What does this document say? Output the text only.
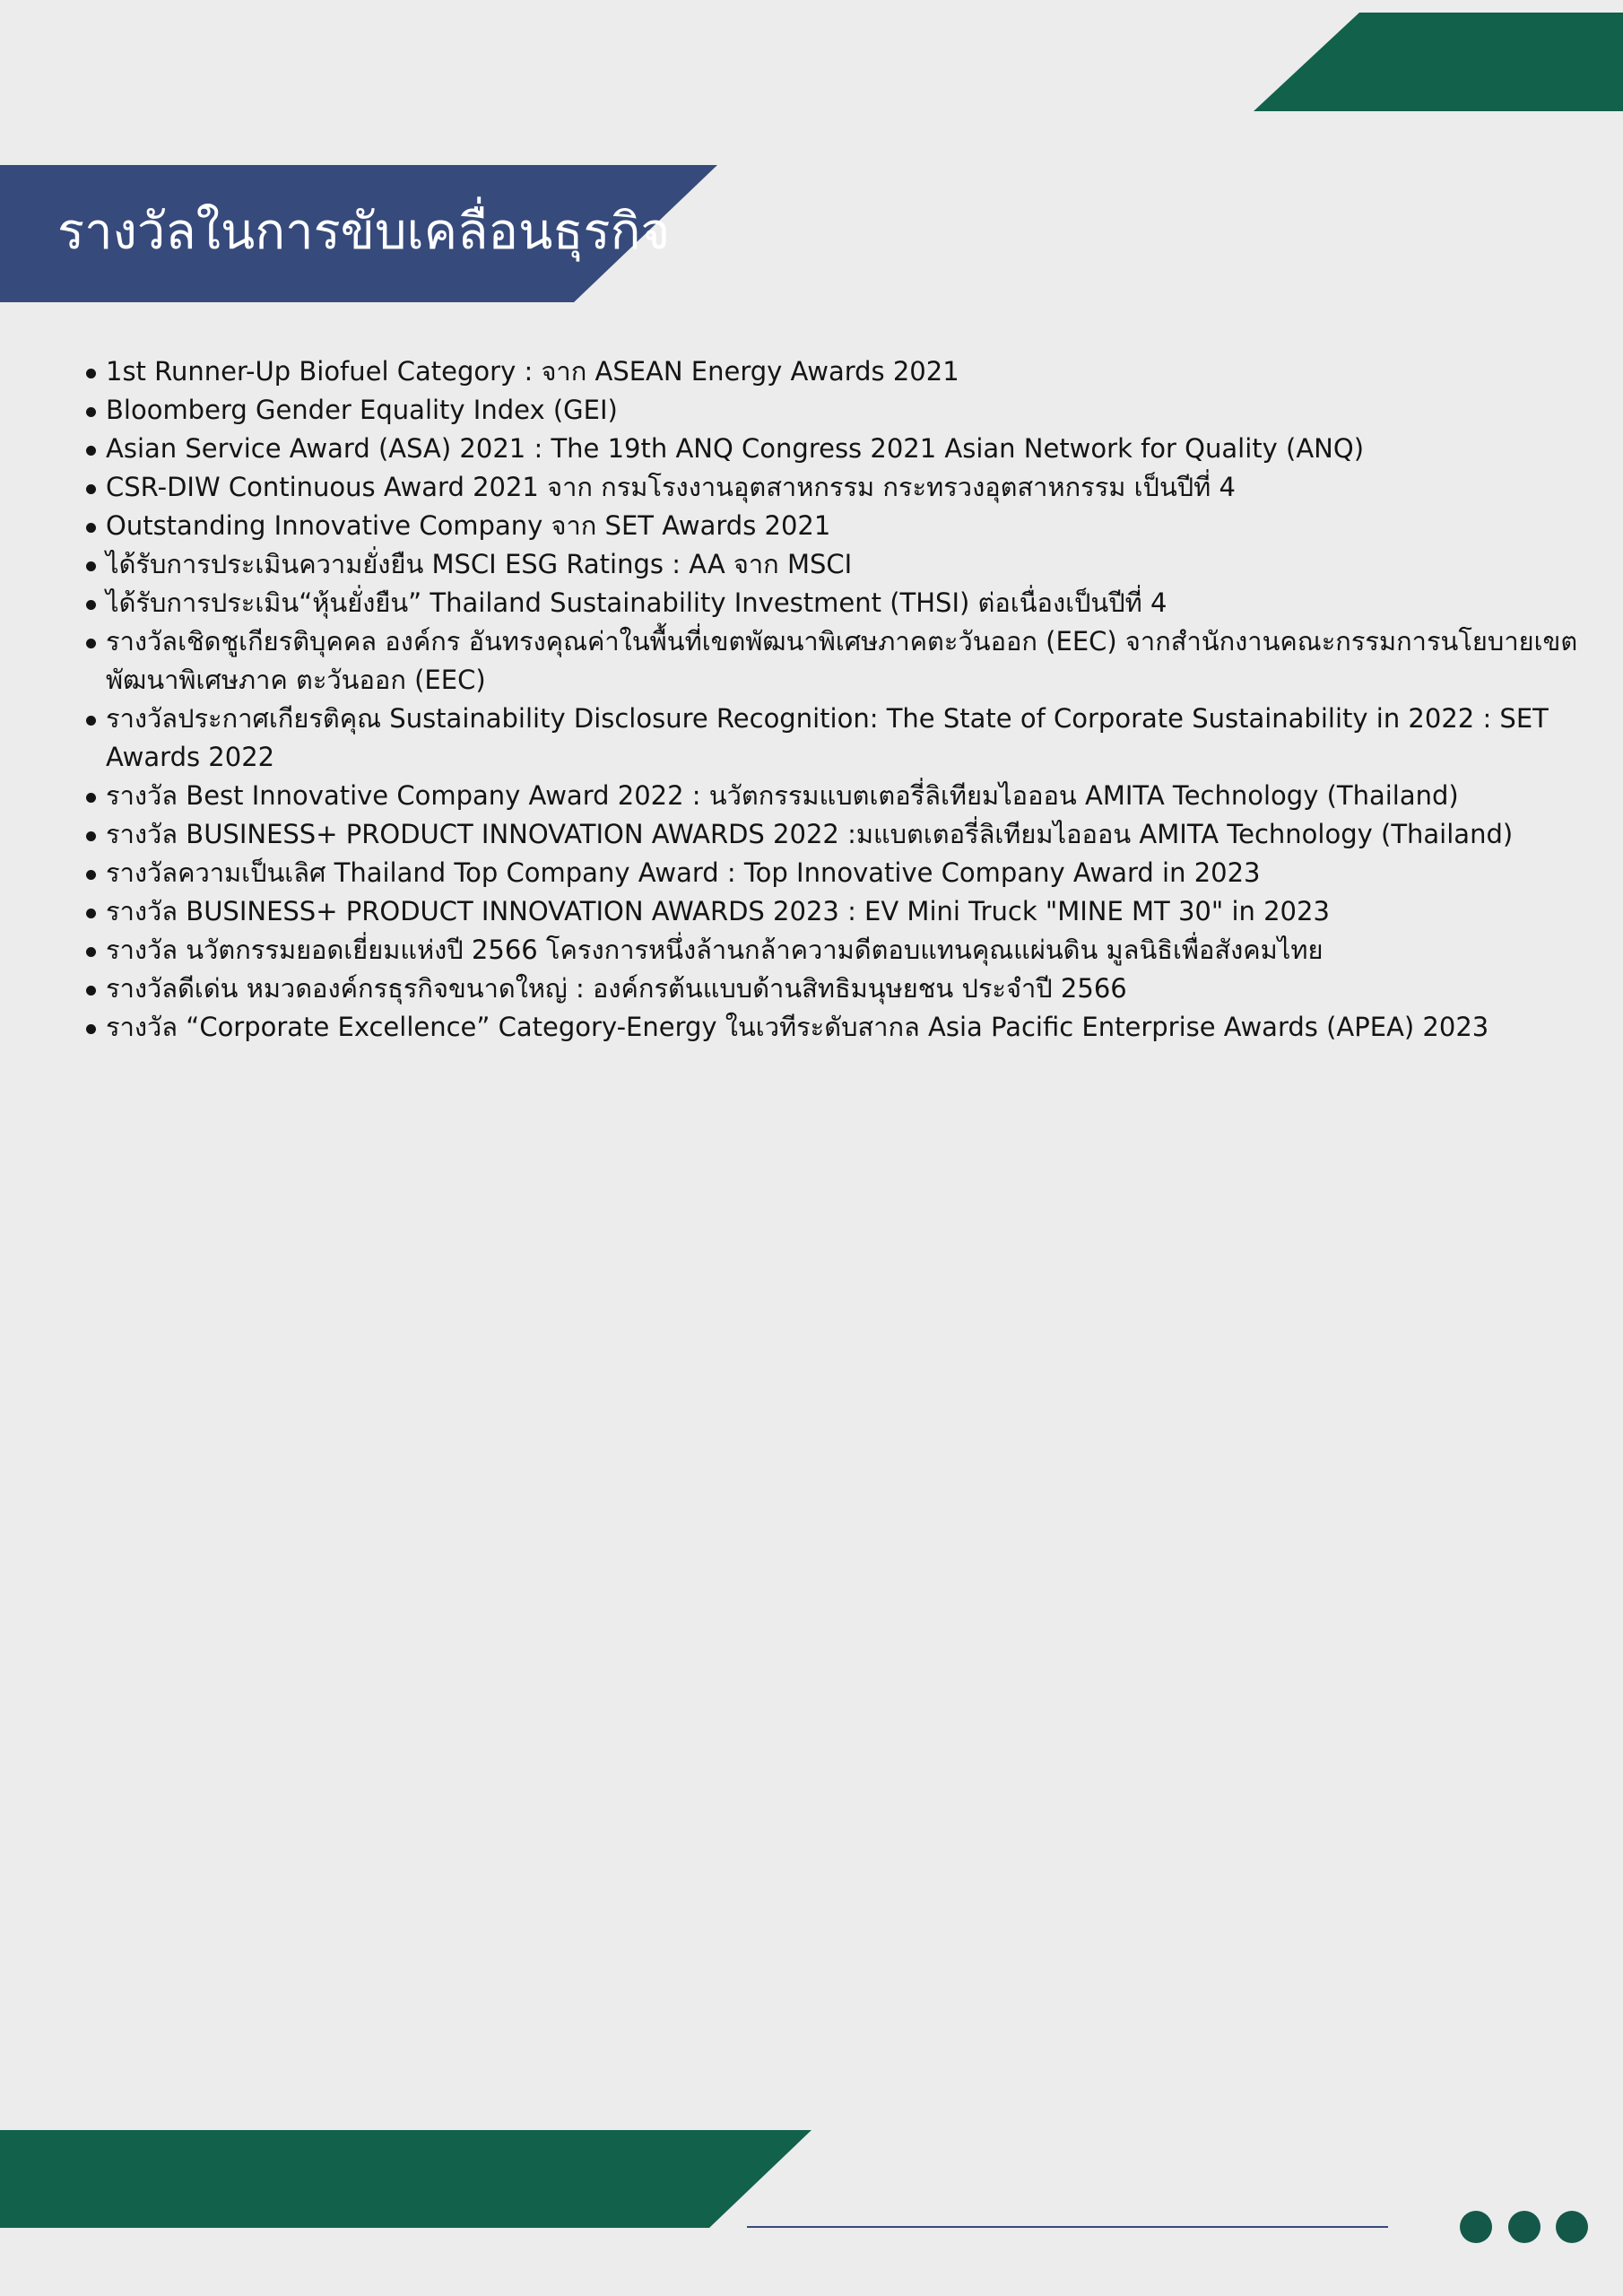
รางวัลในการขับเคลื่อนธุรกิจ
1st Runner-Up Biofuel Category : จาก ASEAN Energy Awards 2021
Bloomberg Gender Equality Index (GEI)
Asian Service Award (ASA) 2021 : The 19th ANQ Congress 2021 Asian Network for Quality (ANQ)
CSR-DIW Continuous Award 2021 จาก กรมโรงงานอุตสาหกรรม กระทรวงอุตสาหกรรม เป็นปีที่ 4
Outstanding Innovative Company จาก SET Awards 2021
ได้รับการประเมินความยั่งยืน MSCI ESG Ratings : AA จาก MSCI
ได้รับการประเมิน“หุ้นยั่งยืน” Thailand Sustainability Investment (THSI) ต่อเนื่องเป็นปีที่ 4
รางวัลเชิดชูเกียรติบุคคล องค์กร อันทรงคุณค่าในพื้นที่เขตพัฒนาพิเศษภาคตะวันออก (EEC) จากสำนักงานคณะกรรมการนโยบายเขตพัฒนาพิเศษภาค ตะวันออก (EEC)
รางวัลประกาศเกียรติคุณ Sustainability Disclosure Recognition: The State of Corporate Sustainability in 2022 : SET Awards 2022
รางวัล Best Innovative Company Award 2022 : นวัตกรรมแบตเตอรี่ลิเทียมไอออน AMITA Technology (Thailand)
รางวัล BUSINESS+ PRODUCT INNOVATION AWARDS 2022 :มแบตเตอรี่ลิเทียมไอออน AMITA Technology (Thailand)
รางวัลความเป็นเลิศ Thailand Top Company Award : Top Innovative Company Award in 2023
รางวัล BUSINESS+ PRODUCT INNOVATION AWARDS 2023 : EV Mini Truck "MINE MT 30" in 2023
รางวัล นวัตกรรมยอดเยี่ยมแห่งปี 2566 โครงการหนึ่งล้านกล้าความดีตอบแทนคุณแผ่นดิน มูลนิธิเพื่อสังคมไทย
รางวัลดีเด่น หมวดองค์กรธุรกิจขนาดใหญ่ : องค์กรต้นแบบด้านสิทธิมนุษยชน ประจำปี 2566
รางวัล “Corporate Excellence” Category-Energy ในเวทีระดับสากล Asia Pacific Enterprise Awards (APEA) 2023
